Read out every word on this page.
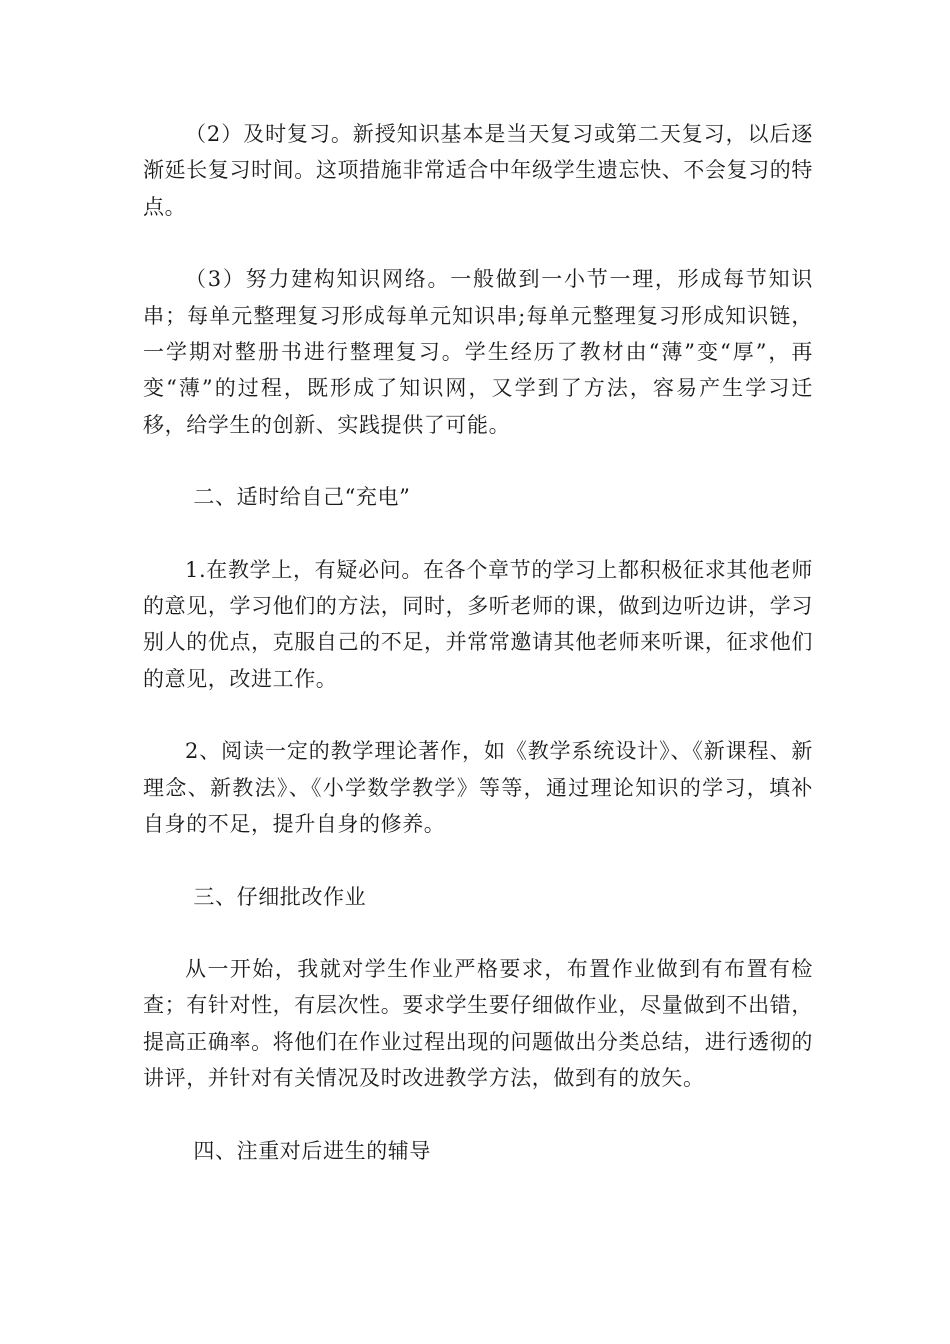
（2）及时复习。新授知识基本是当天复习或第二天复习，以后逐渐延长复习时间。这项措施非常适合中年级学生遗忘快、不会复习的特点。

（3）努力建构知识网络。一般做到一小节一理，形成每节知识串；每单元整理复习形成每单元知识串;每单元整理复习形成知识链，一学期对整册书进行整理复习。学生经历了教材由“薄”变“厚”，再变“薄”的过程，既形成了知识网，又学到了方法，容易产生学习迁移，给学生的创新、实践提供了可能。

二、适时给自己“充电”

1.在教学上，有疑必问。在各个章节的学习上都积极征求其他老师的意见，学习他们的方法，同时，多听老师的课，做到边听边讲，学习别人的优点，克服自己的不足，并常常邀请其他老师来听课，征求他们的意见，改进工作。

2、阅读一定的教学理论著作，如《教学系统设计》、《新课程、新理念、新教法》、《小学数学教学》等等，通过理论知识的学习，填补自身的不足，提升自身的修养。

三、仔细批改作业

从一开始，我就对学生作业严格要求，布置作业做到有布置有检查；有针对性，有层次性。要求学生要仔细做作业，尽量做到不出错，提高正确率。将他们在作业过程出现的问题做出分类总结，进行透彻的讲评，并针对有关情况及时改进教学方法，做到有的放矢。

四、注重对后进生的辅导
